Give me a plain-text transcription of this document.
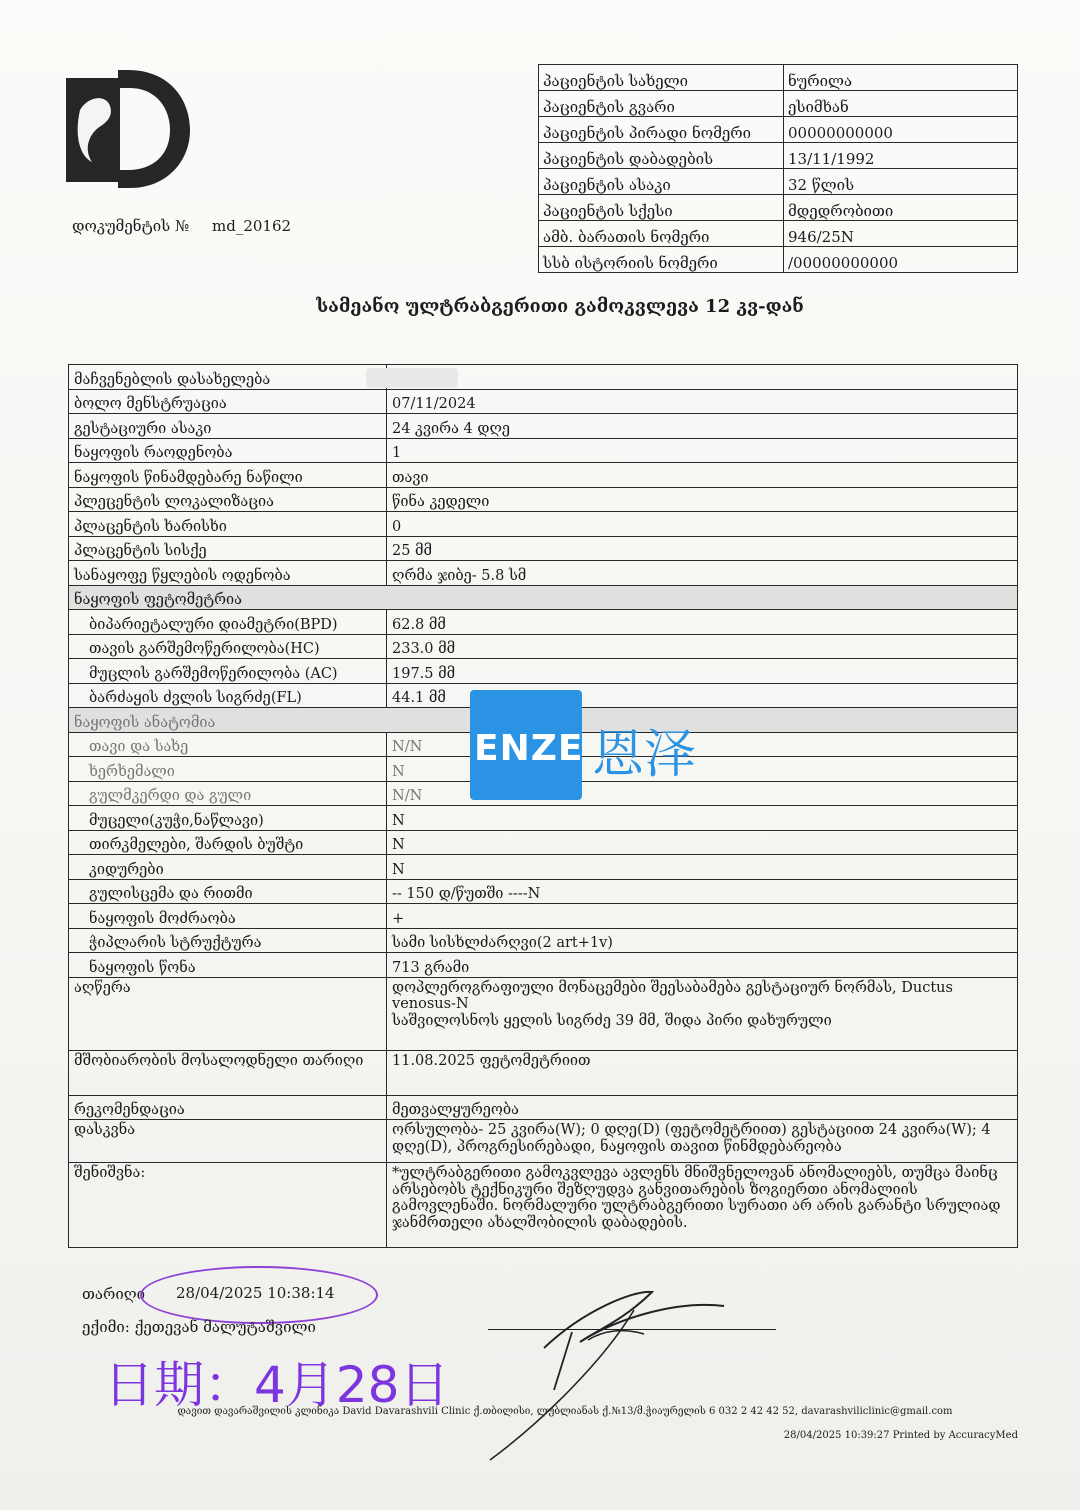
დოკუმენტის № md_20162
პაციენტის სახელი	ნურილა
პაციენტის გვარი	ესიმხან
პაციენტის პირადი ნომერი	00000000000
პაციენტის დაბადების	13/11/1992
პაციენტის ასაკი	32 წლის
პაციენტის სქესი	მდედრობითი
ამბ. ბარათის ნომერი	946/25N
სსბ ისტორიის ნომერი	/00000000000
სამეანო ულტრაბგერითი გამოკვლევა 12 კვ-დან
მაჩვენებლის დასახელება	
ბოლო მენსტრუაცია	07/11/2024
გესტაციური ასაკი	24 კვირა 4 დღე
ნაყოფის რაოდენობა	1
ნაყოფის წინამდებარე ნაწილი	თავი
პლეცენტის ლოკალიზაცია	წინა კედელი
პლაცენტის ხარისხი	0
პლაცენტის სისქე	25 მმ
სანაყოფე წყლების ოდენობა	ღრმა ჯიბე- 5.8 სმ
ნაყოფის ფეტომეტრია	
ბიპარიეტალური დიამეტრი(BPD)	62.8 მმ
თავის გარშემოწერილობა(HC)	233.0 მმ
მუცლის გარშემოწერილობა (AC)	197.5 მმ
ბარძაყის ძვლის სიგრძე(FL)	44.1 მმ
ნაყოფის ანატომია	
თავი და სახე	N/N
ხერხემალი	N
გულმკერდი და გული	N/N
მუცელი(კუჭი,ნაწლავი)	N
თირკმელები, შარდის ბუშტი	N
კიდურები	N
გულისცემა და რითმი	-- 150 დ/წუთში ----N
ნაყოფის მოძრაობა	+
ჭიპლარის სტრუქტურა	სამი სისხლძარღვი(2 art+1v)
ნაყოფის წონა	713 გრამი
აღწერა	დოპლეროგრაფიული მონაცემები შეესაბამება გესტაციურ ნორმას, Ductus venosus-N
საშვილოსნოს ყელის სიგრძე 39 მმ, შიდა პირი დახურული

მშობიარობის მოსალოდნელი თარიღი	11.08.2025 ფეტომეტრიით
რეკომენდაცია	მეთვალყურეობა
დასკვნა	ორსულობა- 25 კვირა(W); 0 დღე(D) (ფეტომეტრიით) გესტაციით 24 კვირა(W); 4 დღე(D), პროგრესირებადი, ნაყოფის თავით წინმდებარეობა
შენიშვნა:	*ულტრაბგერითი გამოკვლევა ავლენს მნიშვნელოვან ანომალიებს, თუმცა მაინც არსებობს ტექნიკური შეზღუდვა განვითარების ზოგიერთი ანომალიის გამოვლენაში. ნორმალური ულტრაბგერითი სურათი არ არის გარანტი სრულიად ჯანმრთელი ახალშობილის დაბადების.
ENZE 恩泽
თარიღი 28/04/2025 10:38:14
ექიმი: ქეთევან მალუტაშვილი
日期：4月28日
დავით დავარაშვილის კლინიკა David Davarashvili Clinic ქ.თბილისი, ლუბლიანას ქ.№13/მ.ჭიაურელის 6 032 2 42 42 52, davarashviliclinic@gmail.com
28/04/2025 10:39:27 Printed by AccuracyMed
